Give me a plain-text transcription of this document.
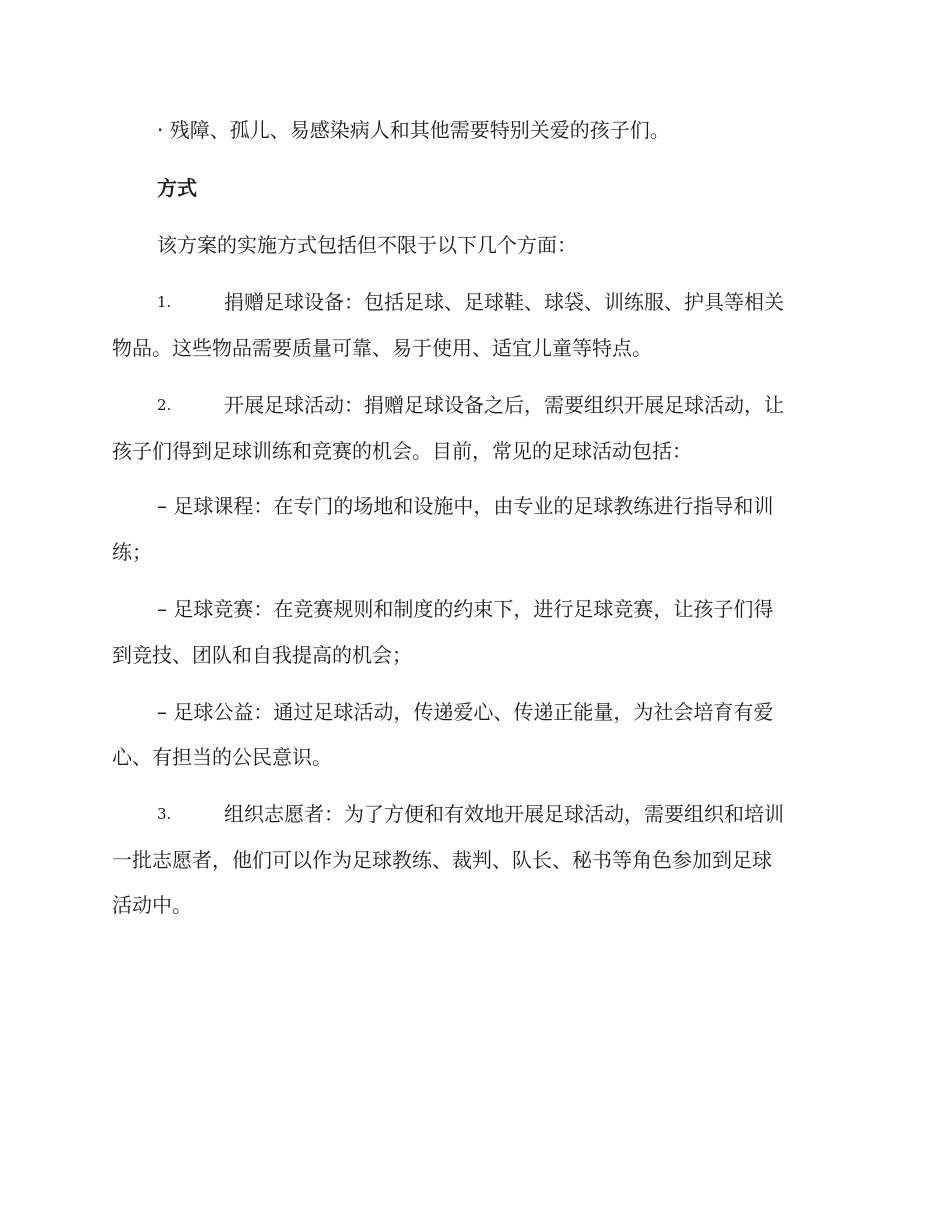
· 残障、孤儿、易感染病人和其他需要特别关爱的孩子们。
方式
该方案的实施方式包括但不限于以下几个方面：
1.	捐赠足球设备：包括足球、足球鞋、球袋、训练服、护具等相关
物品。这些物品需要质量可靠、易于使用、适宜儿童等特点。
2.	开展足球活动：捐赠足球设备之后，需要组织开展足球活动，让
孩子们得到足球训练和竞赛的机会。目前，常见的足球活动包括：
– 足球课程：在专门的场地和设施中，由专业的足球教练进行指导和训
练；
– 足球竞赛：在竞赛规则和制度的约束下，进行足球竞赛，让孩子们得
到竞技、团队和自我提高的机会；
– 足球公益：通过足球活动，传递爱心、传递正能量，为社会培育有爱
心、有担当的公民意识。
3.	组织志愿者：为了方便和有效地开展足球活动，需要组织和培训
一批志愿者，他们可以作为足球教练、裁判、队长、秘书等角色参加到足球
活动中。
